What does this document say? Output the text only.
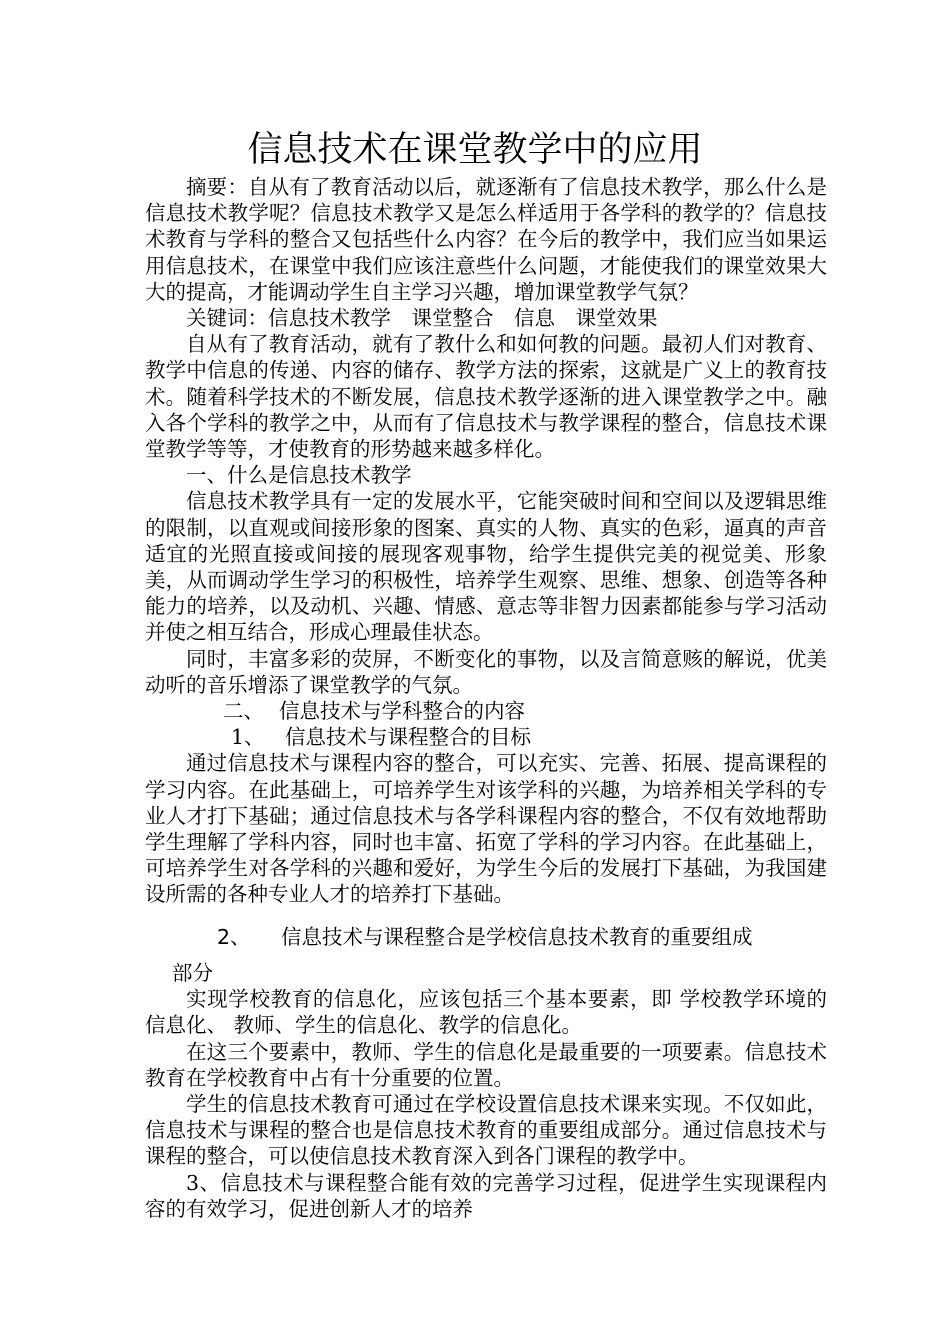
信息技术在课堂教学中的应用

摘要：自从有了教育活动以后，就逐渐有了信息技术教学，那么什么是信息技术教学呢？信息技术教学又是怎么样适用于各学科的教学的？信息技术教育与学科的整合又包括些什么内容？在今后的教学中，我们应当如果运用信息技术，在课堂中我们应该注意些什么问题，才能使我们的课堂效果大大的提高，才能调动学生自主学习兴趣，增加课堂教学气氛？

关键词：信息技术教学　课堂整合　信息　课堂效果

自从有了教育活动，就有了教什么和如何教的问题。最初人们对教育、教学中信息的传递、内容的储存、教学方法的探索，这就是广义上的教育技术。随着科学技术的不断发展，信息技术教学逐渐的进入课堂教学之中。融入各个学科的教学之中，从而有了信息技术与教学课程的整合，信息技术课堂教学等等，才使教育的形势越来越多样化。

一、什么是信息技术教学

信息技术教学具有一定的发展水平，它能突破时间和空间以及逻辑思维的限制，以直观或间接形象的图案、真实的人物、真实的色彩，逼真的声音适宜的光照直接或间接的展现客观事物，给学生提供完美的视觉美、形象美，从而调动学生学习的积极性，培养学生观察、思维、想象、创造等各种能力的培养，以及动机、兴趣、情感、意志等非智力因素都能参与学习活动并使之相互结合，形成心理最佳状态。

同时，丰富多彩的荧屏，不断变化的事物，以及言简意赅的解说，优美动听的音乐增添了课堂教学的气氛。

二、 信息技术与学科整合的内容

1、 信息技术与课程整合的目标

通过信息技术与课程内容的整合，可以充实、完善、拓展、提高课程的学习内容。在此基础上，可培养学生对该学科的兴趣，为培养相关学科的专业人才打下基础；通过信息技术与各学科课程内容的整合，不仅有效地帮助学生理解了学科内容，同时也丰富、拓宽了学科的学习内容。在此基础上，可培养学生对各学科的兴趣和爱好，为学生今后的发展打下基础，为我国建设所需的各种专业人才的培养打下基础。

2、 信息技术与课程整合是学校信息技术教育的重要组成

部分

实现学校教育的信息化，应该包括三个基本要素，即 学校教学环境的信息化、 教师、学生的信息化、教学的信息化。

在这三个要素中，教师、学生的信息化是最重要的一项要素。信息技术教育在学校教育中占有十分重要的位置。

学生的信息技术教育可通过在学校设置信息技术课来实现。不仅如此，信息技术与课程的整合也是信息技术教育的重要组成部分。通过信息技术与课程的整合，可以使信息技术教育深入到各门课程的教学中。

3、信息技术与课程整合能有效的完善学习过程，促进学生实现课程内容的有效学习，促进创新人才的培养
